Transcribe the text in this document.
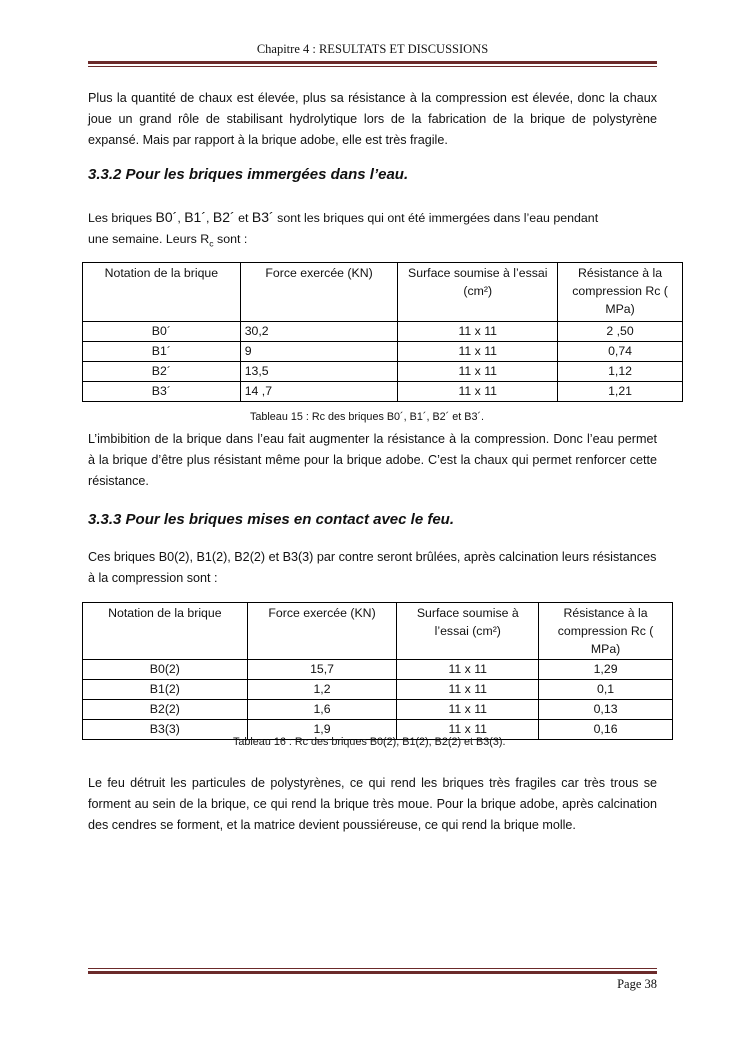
Chapitre 4 : RESULTATS ET DISCUSSIONS
Plus la quantité de chaux est élevée, plus sa résistance à la compression est élevée, donc la chaux joue un grand rôle de stabilisant hydrolytique lors de la fabrication de la brique de polystyrène expansé. Mais par rapport à la brique adobe, elle est très fragile.
3.3.2 Pour les briques immergées dans l’eau.
Les briques B0´, B1´, B2´ et B3´ sont les briques qui ont été immergées dans l’eau pendant
une semaine. Leurs $R_c$ sont :
Notation de la brique	Force exercée (KN)	Surface soumise à l’essai (cm²)	Résistance à la compression Rc ( MPa)
B0´	30,2	11 x 11	2 ,50
B1´	9	11 x 11	0,74
B2´	13,5	11 x 11	1,12
B3´	14 ,7	11 x 11	1,21
Tableau 15 : Rc des briques B0´, B1´, B2´ et B3´.
L’imbibition de la brique dans l’eau fait augmenter la résistance à la compression. Donc l’eau permet à la brique d’être plus résistant même pour la brique adobe. C’est la chaux qui permet renforcer cette résistance.
3.3.3 Pour les briques mises en contact avec le feu.
Ces briques B0(2), B1(2), B2(2) et B3(3) par contre seront brûlées, après calcination leurs résistances à la compression sont :
Notation de la brique	Force exercée (KN)	Surface soumise à l’essai (cm²)	Résistance à la compression Rc ( MPa)
B0(2)	15,7	11 x 11	1,29
B1(2)	1,2	11 x 11	0,1
B2(2)	1,6	11 x 11	0,13
B3(3)	1,9	11 x 11	0,16
Tableau 16 : Rc des briques B0(2), B1(2), B2(2) et B3(3).
Le feu détruit les particules de polystyrènes, ce qui rend les briques très fragiles car très trous se forment au sein de la brique, ce qui rend la brique très moue. Pour la brique adobe, après calcination des cendres se forment, et la matrice devient poussiéreuse, ce qui rend la brique molle.
Page 38
